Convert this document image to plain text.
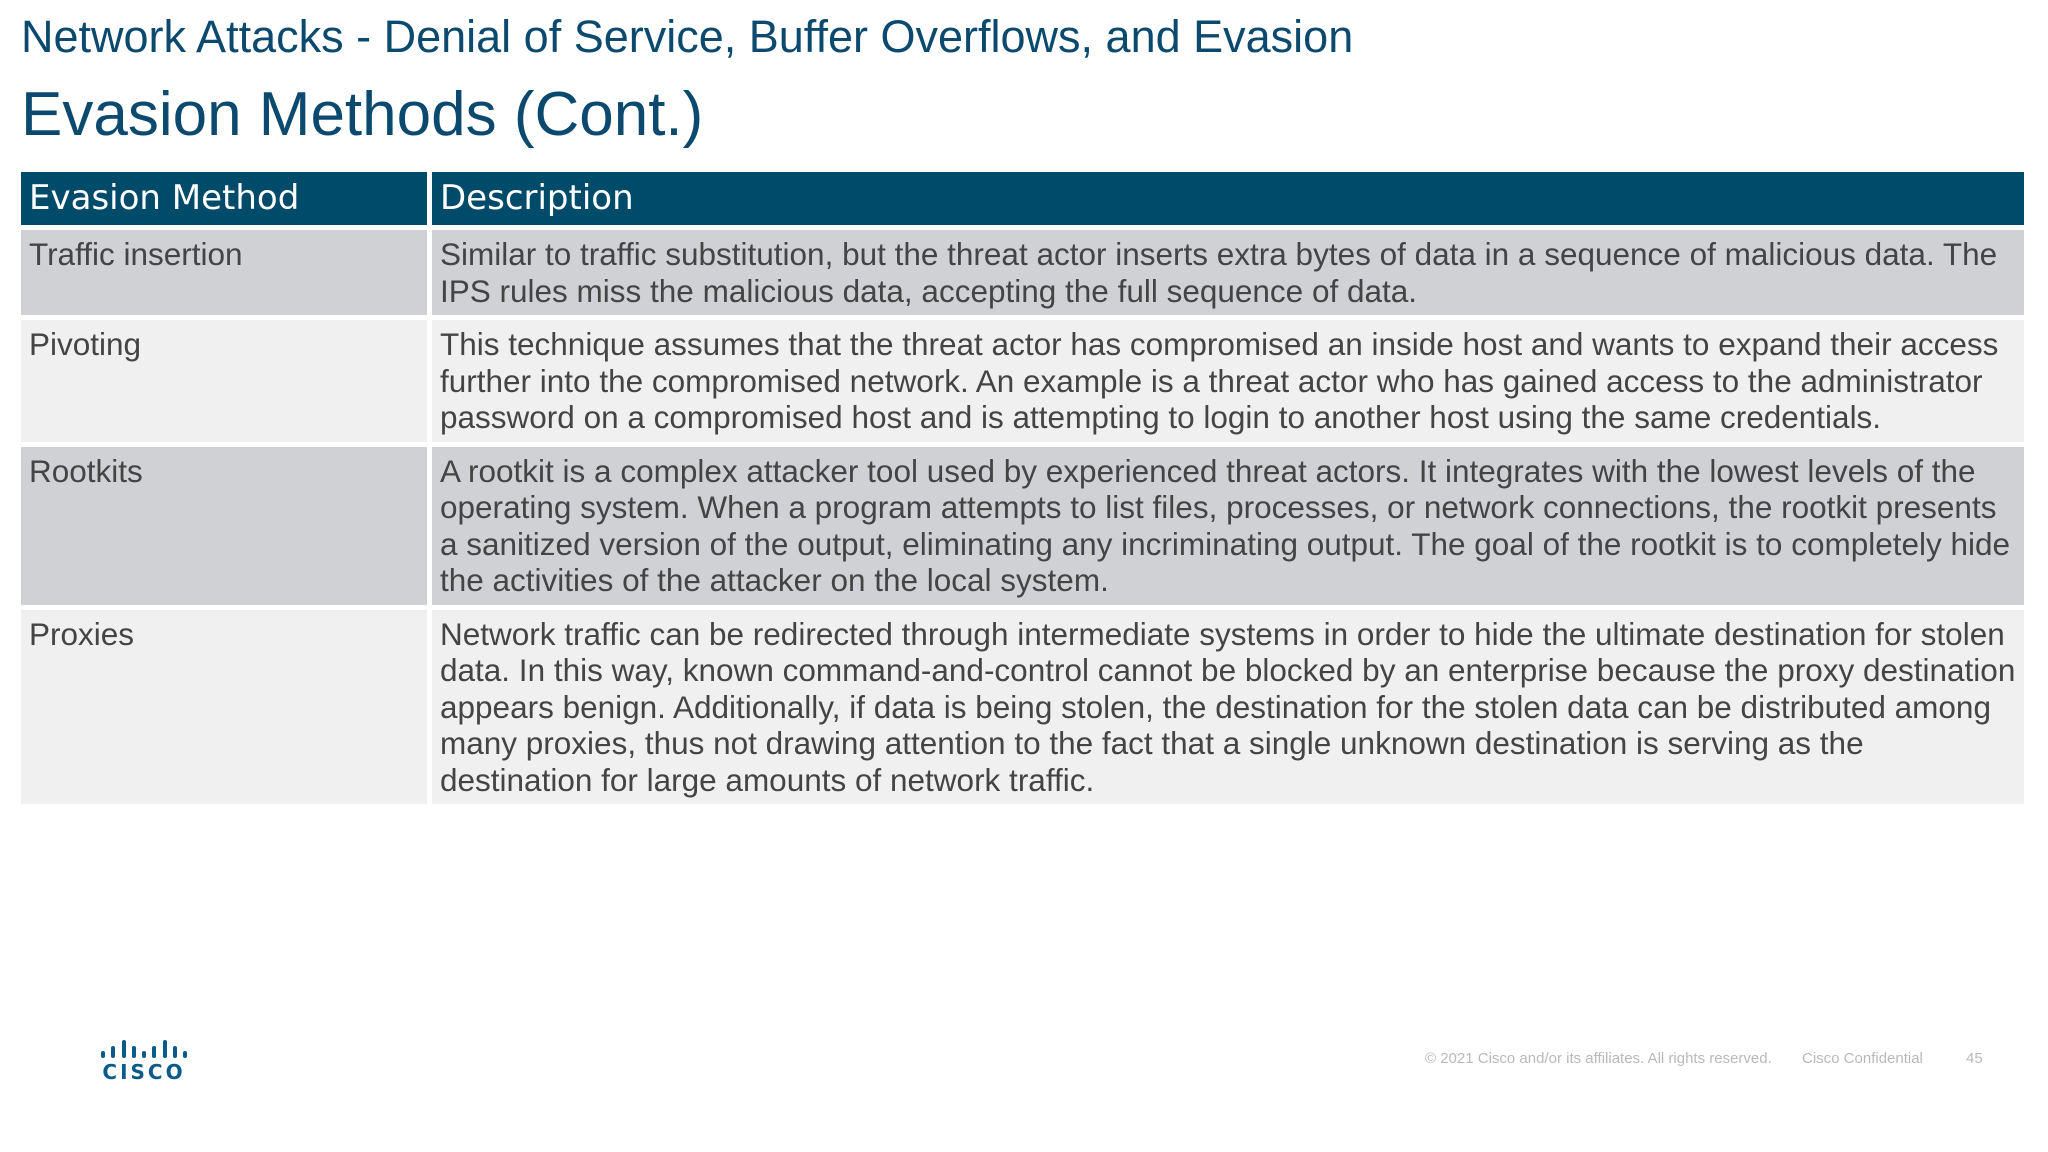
Network Attacks - Denial of Service, Buffer Overflows, and Evasion
Evasion Methods (Cont.)
Evasion Method	Description
Traffic insertion	Similar to traffic substitution, but the threat actor inserts extra bytes of data in a sequence of malicious data. The IPS rules miss the malicious data, accepting the full sequence of data.
Pivoting	This technique assumes that the threat actor has compromised an inside host and wants to expand their access further into the compromised network. An example is a threat actor who has gained access to the administrator password on a compromised host and is attempting to login to another host using the same credentials.
Rootkits	A rootkit is a complex attacker tool used by experienced threat actors. It integrates with the lowest levels of the operating system. When a program attempts to list files, processes, or network connections, the rootkit presents a sanitized version of the output, eliminating any incriminating output. The goal of the rootkit is to completely hide the activities of the attacker on the local system.
Proxies	Network traffic can be redirected through intermediate systems in order to hide the ultimate destination for stolen data. In this way, known command-and-control cannot be blocked by an enterprise because the proxy destination appears benign. Additionally, if data is being stolen, the destination for the stolen data can be distributed among many proxies, thus not drawing attention to the fact that a single unknown destination is serving as the destination for large amounts of network traffic.
CISCO
© 2021 Cisco and/or its affiliates. All rights reserved. Cisco Confidential	45
